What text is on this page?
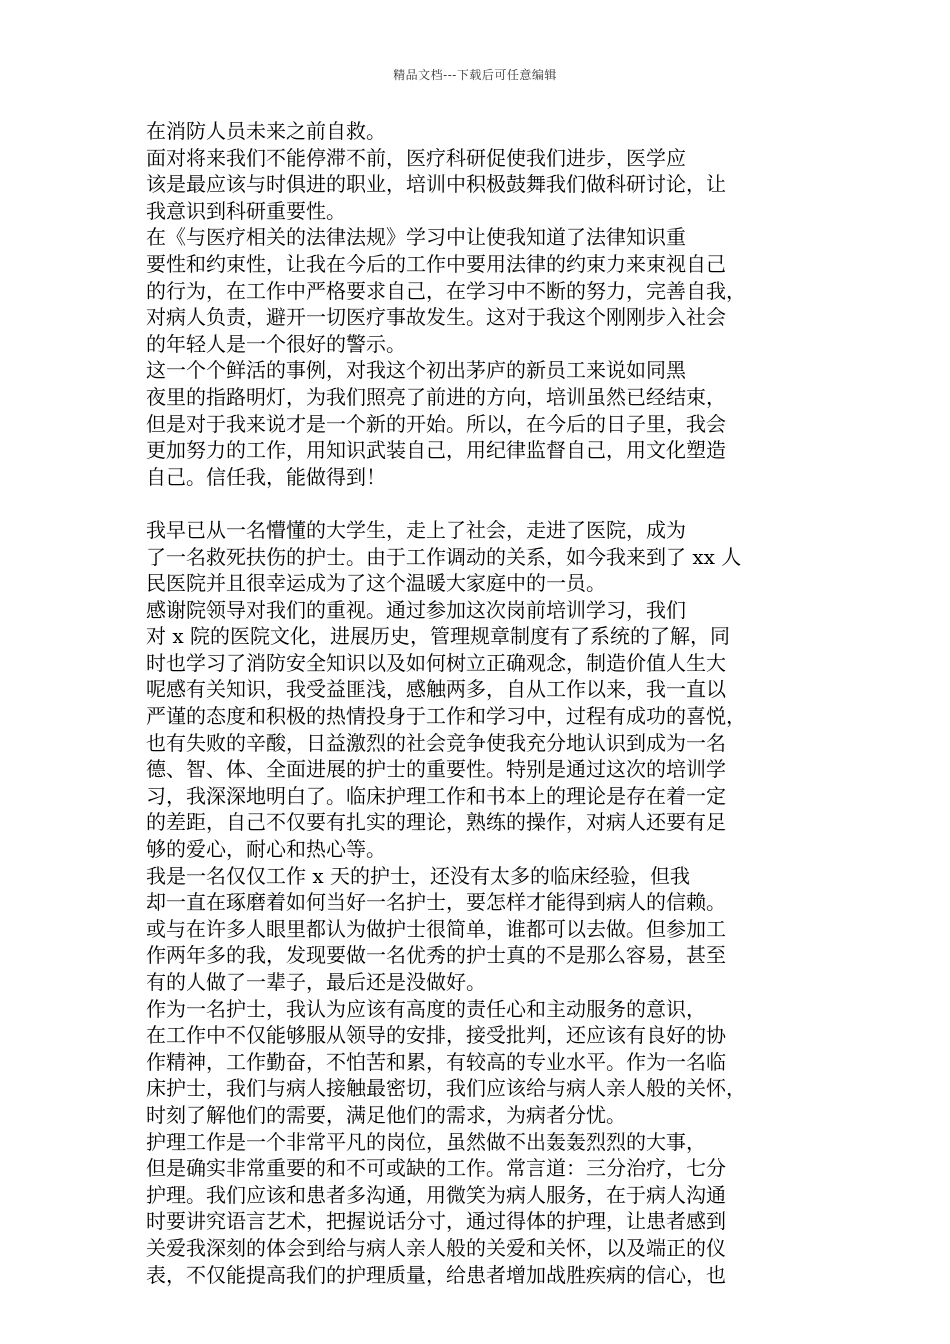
精品文档---下载后可任意编辑

在消防人员未来之前自救。

面对将来我们不能停滞不前，医疗科研促使我们进步，医学应
该是最应该与时俱进的职业，培训中积极鼓舞我们做科研讨论，让
我意识到科研重要性。

在《与医疗相关的法律法规》学习中让使我知道了法律知识重
要性和约束性，让我在今后的工作中要用法律的约束力来束视自己
的行为，在工作中严格要求自己，在学习中不断的努力，完善自我，
对病人负责，避开一切医疗事故发生。这对于我这个刚刚步入社会
的年轻人是一个很好的警示。

这一个个鲜活的事例，对我这个初出茅庐的新员工来说如同黑
夜里的指路明灯，为我们照亮了前进的方向，培训虽然已经结束，
但是对于我来说才是一个新的开始。所以，在今后的日子里，我会
更加努力的工作，用知识武装自己，用纪律监督自己，用文化塑造
自己。信任我，能做得到！

我早已从一名懵懂的大学生，走上了社会，走进了医院，成为
了一名救死扶伤的护士。由于工作调动的关系，如今我来到了 xx 人
民医院并且很幸运成为了这个温暖大家庭中的一员。

感谢院领导对我们的重视。通过参加这次岗前培训学习，我们
对 x 院的医院文化，进展历史，管理规章制度有了系统的了解，同
时也学习了消防安全知识以及如何树立正确观念，制造价值人生大
呢感有关知识，我受益匪浅，感触两多，自从工作以来，我一直以
严谨的态度和积极的热情投身于工作和学习中，过程有成功的喜悦，
也有失败的辛酸，日益激烈的社会竞争使我充分地认识到成为一名
德、智、体、全面进展的护士的重要性。特别是通过这次的培训学
习，我深深地明白了。临床护理工作和书本上的理论是存在着一定
的差距，自己不仅要有扎实的理论，熟练的操作，对病人还要有足
够的爱心，耐心和热心等。

我是一名仅仅工作 x 天的护士，还没有太多的临床经验，但我
却一直在琢磨着如何当好一名护士，要怎样才能得到病人的信赖。
或与在许多人眼里都认为做护士很简单，谁都可以去做。但参加工
作两年多的我，发现要做一名优秀的护士真的不是那么容易，甚至
有的人做了一辈子，最后还是没做好。

作为一名护士，我认为应该有高度的责任心和主动服务的意识，
在工作中不仅能够服从领导的安排，接受批判，还应该有良好的协
作精神，工作勤奋，不怕苦和累，有较高的专业水平。作为一名临
床护士，我们与病人接触最密切，我们应该给与病人亲人般的关怀，
时刻了解他们的需要，满足他们的需求，为病者分忧。

护理工作是一个非常平凡的岗位，虽然做不出轰轰烈烈的大事，
但是确实非常重要的和不可或缺的工作。常言道：三分治疗，七分
护理。我们应该和患者多沟通，用微笑为病人服务，在于病人沟通
时要讲究语言艺术，把握说话分寸，通过得体的护理，让患者感到
关爱我深刻的体会到给与病人亲人般的关爱和关怀，以及端正的仪
表，不仅能提高我们的护理质量，给患者增加战胜疾病的信心，也
